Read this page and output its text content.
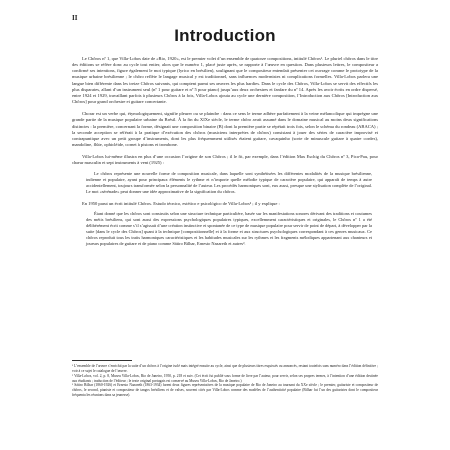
II
Introduction

Le Chôros nº 1, que Villa-Lobos date de «Rio, 1920», est le premier volet d’un ensemble de quatorze compositions, intitulé Chôros¹. Le pluriel chôros dans le titre des éditions se réfère donc au cycle tout entier, alors que le numéro 1, placé juste après, se rapporte à l’œuvre en question. Dans plusieurs lettres, le compositeur a confirmé ses intentions, figure également le mot typique (lyrico en brésilien), soulignant que le compositeur entendait présenter cet ouvrage comme le prototype de la musique urbaine brésilienne ; le chôro reflète le langage musical y est traditionnel, sans influences modernistes ni complications formelles. Villa-Lobos parlera une langue bien différente dans les treize Chôros suivants, qui comptent parmi ses œuvres les plus hardies. Dans le cycle des Chôros, Villa-Lobos se servit des effectifs les plus disparates, allant d’un instrument seul (nº 1 pour guitare et nº 5 pour piano) jusqu’aux deux orchestres et fanfare du nº 14. Après les avoir écrits en ordre dispersé, entre 1924 et 1929, travaillant parfois à plusieurs Chôros à la fois, Villa-Lobos ajouta au cycle une dernière composition, l’Introduction aux Chôros [Introduction aux Chôros] pour grand orchestre et guitare concertante.

Chorar est un verbe qui, étymologiquement, signifie pleurer ou se plaindre : dans ce sens le terme adhère parfaitement à la veine mélancolique qui imprègne une grande partie de la musique populaire urbaine du Brésil. À la fin du XIXe siècle, le terme chôro avait assumé dans le domaine musical au moins deux significations distinctes : la première, concernant la forme, désignait une composition binaire (B) dont la première partie se répétait trois fois, selon le schéma du rondeau (ABACA) ; la seconde acception se référait à la pratique d’exécution des chôros (musiciens interprètes de chôros) consistant à jouer des séries de caractère improvisé et contrapuntique avec un petit groupe d’instruments, dont les plus fréquemment utilisés étaient guitare, cavaquinho (sorte de minuscule guitare à quatre cordes), mandoline, flûte, ophicléide, cornet à pistons et trombone.

Villa-Lobos lui-même illustra en plus d’une occasion l’origine de son Chôros ; il le fit, par exemple, dans l’édition Max Eschig du Chôros nº 3, Pica-Pau, pour chœur masculin et sept instruments à vent (1925) :

Le chôros représente une nouvelle forme de composition musicale, dans laquelle sont synthétisées les différentes modalités de la musique brésilienne, indienne et populaire, ayant pour principaux éléments le rythme et n’importe quelle mélodie typique de caractère populaire, qui apparaît de temps à autre accidentellement, toujours transformée selon la personnalité de l’auteur. Les procédés harmoniques sont, eux aussi, presque une stylisation complète de l’original. Le mot «sérénade» peut donner une idée approximative de la signification du chôros.

En 1950 parut un écrit intitulé Chôros. Estudo técnico, estético e psicológico de Villa-Lobos² ; il y explique :

Étant donné que les chôros sont construits selon une structure technique particulière, basée sur les manifestations sonores dérivant des traditions et coutumes des métis brésiliens, qui sont aussi des expressions psychologiques populaires typiques, excellemment caractéristiques et originales, le Chôros nº 1 a été délibérément écrit comme s’il s’agissait d’une création instinctive et spontanée de ce type de musique populaire pour servir de point de départ, à développer par la suite [dans le cycle des Chôros] quant à la technique [compositionnelle] et à la forme et aux structures psychologiques correspondant à ces genres musicaux. Ce chôros reproduit tous les traits harmoniques caractéristiques et les habitudes musicales sur les rythmes et les fragments mélodiques appartenant aux chanteurs et joueurs populaires de guitare et de piano comme Sátiro Bilhar, Ernesto Nazareth et autres³.

¹ L’ensemble de l’œuvre s’enrichit par la suite d’un chôros à l’origine isolé mais intégré ensuite au cycle, ainsi que de plusieurs titres esquissés ou annoncés, restant toutefois sans numéro dans l’édition définitive ; voir à ce sujet le catalogue de l’œuvre.

² Villa-Lobos, vol. 2, p. 8, Museu Villa-Lobos, Rio de Janeiro, 1950, p. 218 et suiv. (Cet écrit fut publié sous forme de livre par l’auteur, pour servir, selon ses propres termes, à l’intention d’une édition destinée aux étudiants ; traduction de l’éditeur ; le texte original portugais est conservé au Museu Villa-Lobos, Rio de Janeiro.)

³ Sátiro Bilhar (1860-1926) et Ernesto Nazareth (1863-1934) furent deux figures représentatives de la musique populaire de Rio de Janeiro au tournant du XXe siècle ; le premier, guitariste et compositeur de chôros, le second, pianiste et compositeur de tangos brésiliens et de valses, souvent cités par Villa-Lobos comme des modèles de l’authenticité populaire (Bilhar fut l’un des guitaristes dont le compositeur fréquenta les réunions dans sa jeunesse).
